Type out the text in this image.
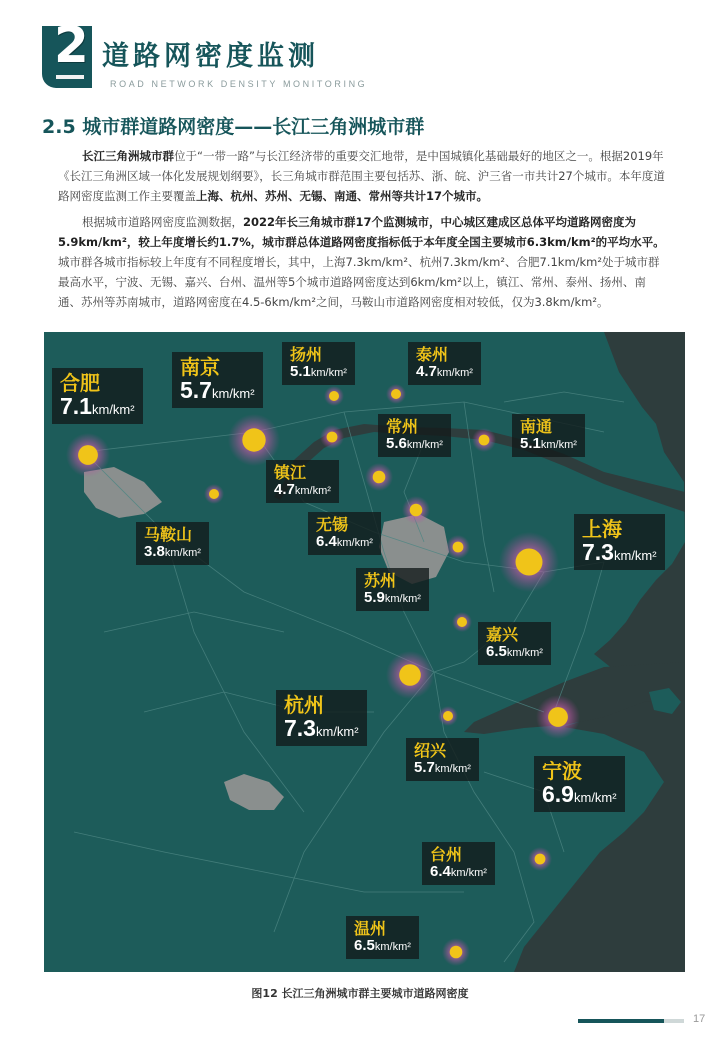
2 道路网密度监测
ROAD NETWORK DENSITY MONITORING
2.5 城市群道路网密度——长江三角洲城市群

长江三角洲城市群位于“一带一路”与长江经济带的重要交汇地带，是中国城镇化基础最好的地区之一。根据2019年《长江三角洲区域一体化发展规划纲要》，长三角城市群范围主要包括苏、浙、皖、沪三省一市共计27个城市。本年度道路网密度监测工作主要覆盖上海、杭州、苏州、无锡、南通、常州等共计17个城市。

根据城市道路网密度监测数据，2022年长三角城市群17个监测城市，中心城区建成区总体平均道路网密度为5.9km/km²，较上年度增长约1.7%，城市群总体道路网密度指标低于本年度全国主要城市6.3km/km²的平均水平。城市群各城市指标较上年度有不同程度增长，其中，上海7.3km/km²、杭州7.3km/km²、合肥7.1km/km²处于城市群最高水平，宁波、无锡、嘉兴、台州、温州等5个城市道路网密度达到6km/km²以上，镇江、常州、泰州、扬州、南通、苏州等苏南城市，道路网密度在4.5-6km/km²之间，马鞍山市道路网密度相对较低，仅为3.8km/km²。

合肥
7.1km/km²
南京
5.7km/km²
扬州
5.1km/km²
泰州
4.7km/km²
常州
5.6km/km²
南通
5.1km/km²
镇江
4.7km/km²
马鞍山
3.8km/km²
无锡
6.4km/km²
上海
7.3km/km²
苏州
5.9km/km²
嘉兴
6.5km/km²
杭州
7.3km/km²
绍兴
5.7km/km²	宁波
6.9km/km²
台州
6.4km/km²
温州
6.5km/km²
图12 长江三角洲城市群主要城市道路网密度
17
